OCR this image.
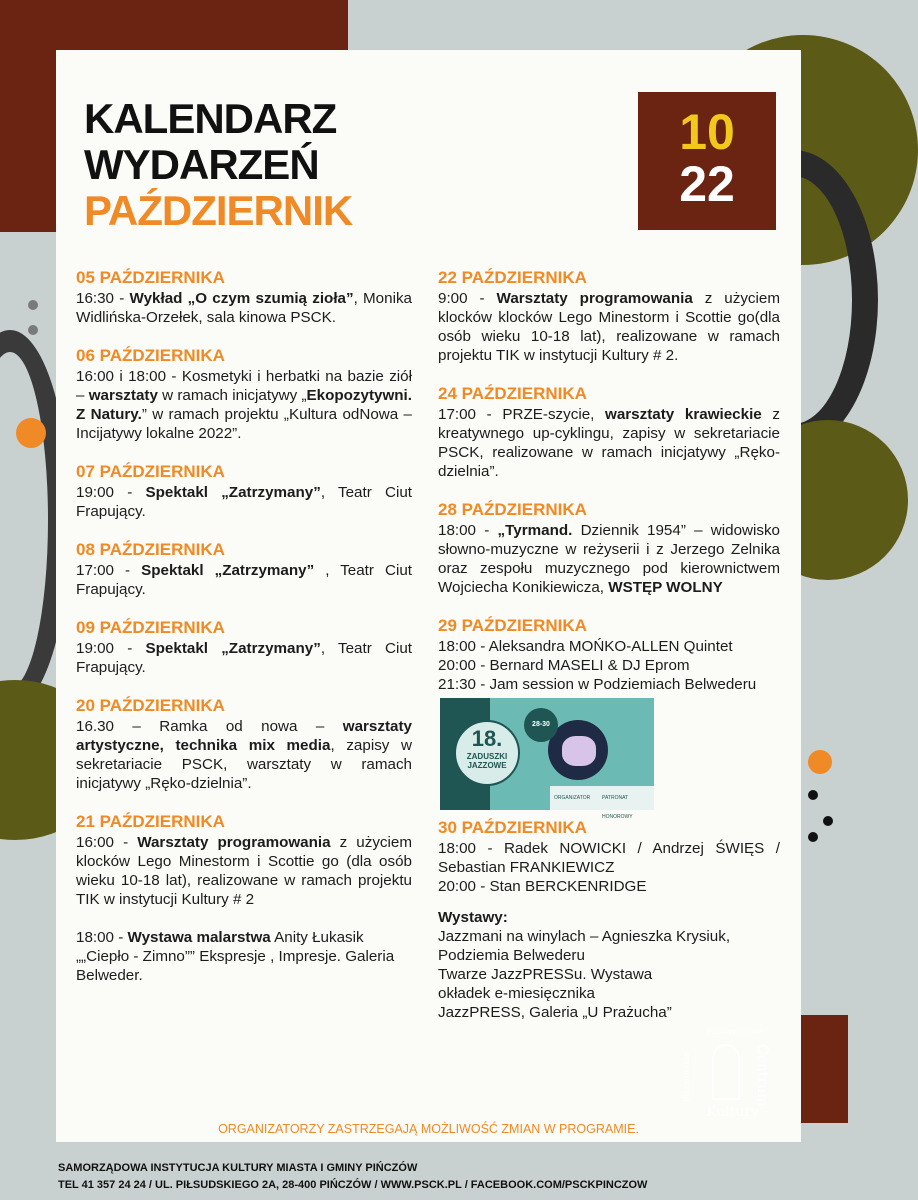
KALENDARZ
WYDARZEŃ
PAŹDZIERNIK
10
22
05 PAŹDZIERNIKA

16:30 - Wykład „O czym szumią zioła”, Monika Widlińska-Orzełek, sala kinowa PSCK.

06 PAŹDZIERNIKA

16:00 i 18:00 - Kosmetyki i herbatki na bazie ziół – warsztaty w ramach inicjatywy „Ekopozytywni. Z Natury.” w ramach projektu „Kultura odNowa – Incijatywy lokalne 2022”.

07 PAŹDZIERNIKA

19:00 - Spektakl „Zatrzymany”, Teatr Ciut Frapujący.

08 PAŹDZIERNIKA

17:00 - Spektakl „Zatrzymany” , Teatr Ciut Frapujący.

09 PAŹDZIERNIKA

19:00 - Spektakl „Zatrzymany”, Teatr Ciut Frapujący.

20 PAŹDZIERNIKA

16.30 – Ramka od nowa – warsztaty artystyczne, technika mix media, zapisy w sekretariacie PSCK, warsztaty w ramach inicjatywy „Ręko-dzielnia”.

21 PAŹDZIERNIKA

16:00 - Warsztaty programowania z użyciem klocków Lego Minestorm i Scottie go (dla osób wieku 10-18 lat), realizowane w ramach projektu TIK w instytucji Kultury # 2

18:00 - Wystawa malarstwa Anity Łukasik „„Ciepło - Zimno”” Ekspresje , Impresje. Galeria Belweder.

22 PAŹDZIERNIKA

9:00 - Warsztaty programowania z użyciem klocków klocków Lego Minestorm i Scottie go(dla osób wieku 10-18 lat), realizowane w ramach projektu TIK w instytucji Kultury # 2.

24 PAŹDZIERNIKA

17:00 - PRZE-szycie, warsztaty krawieckie z kreatywnego up-cyklingu, zapisy w sekretariacie PSCK, realizowane w ramach inicjatywy „Ręko-dzielnia”.

28 PAŹDZIERNIKA

18:00 - „Tyrmand. Dziennik 1954” – widowisko słowno-muzyczne w reżyserii i z Jerzego Zelnika oraz zespołu muzycznego pod kierownictwem Wojciecha Konikiewicza, WSTĘP WOLNY

29 PAŹDZIERNIKA

18:00 - Aleksandra MOŃKO-ALLEN Quintet

20:00 - Bernard MASELI & DJ Eprom

21:30 - Jam session w Podziemiach Belwederu

18.
ZADUSZKI
JAZZOWE
28-30
ORGANIZATOR PATRONAT HONOROWY
30 PAŹDZIERNIKA

18:00 - Radek NOWICKI / Andrzej ŚWIĘS / Sebastian FRANKIEWICZ

20:00 - Stan BERCKENRIDGE

Wystawy:

Jazzmani na winylach – Agnieszka Krysiuk, Podziemia Belwederu

Twarze JazzPRESSu. Wystawa okładek e-miesięcznika JazzPRESS, Galeria „U Prażucha”

ORGANIZATORZY ZASTRZEGAJĄ MOŻLIWOŚĆ ZMIAN W PROGRAMIE.
Samorządowe
Pińczowskie	Centrum
Kultury
SAMORZĄDOWA INSTYTUCJA KULTURY MIASTA I GMINY PIŃCZÓW
TEL 41 357 24 24 / UL. PIŁSUDSKIEGO 2A, 28-400 PIŃCZÓW / WWW.PSCK.PL / FACEBOOK.COM/PSCKPINCZOW
